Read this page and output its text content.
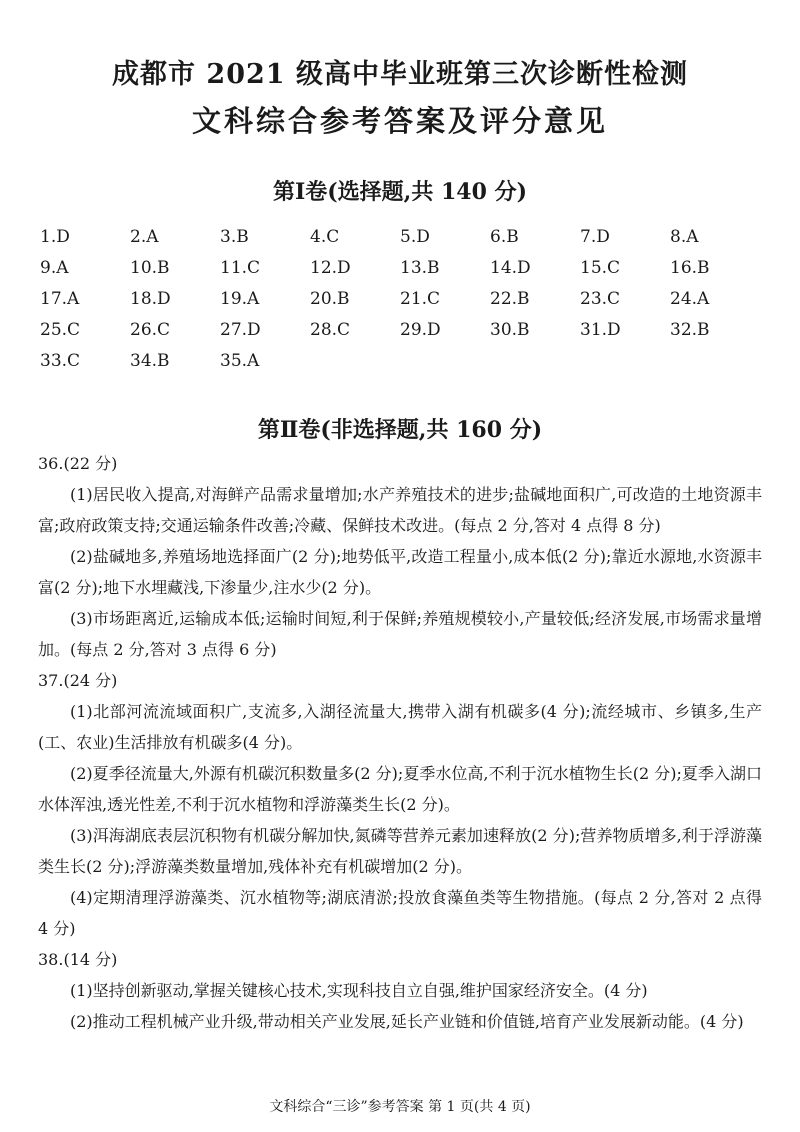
成都市 2021 级高中毕业班第三次诊断性检测
文科综合参考答案及评分意见
第Ⅰ卷(选择题,共 140 分)
1.D	2.A	3.B	4.C	5.D	6.B	7.D	8.A
9.A	10.B	11.C	12.D	13.B	14.D	15.C	16.B
17.A	18.D	19.A	20.B	21.C	22.B	23.C	24.A
25.C	26.C	27.D	28.C	29.D	30.B	31.D	32.B
33.C	34.B	35.A
第Ⅱ卷(非选择题,共 160 分)
36.(22 分)
(1)居民收入提高,对海鲜产品需求量增加;水产养殖技术的进步;盐碱地面积广,可改造的土地资源丰富;政府政策支持;交通运输条件改善;冷藏、保鲜技术改进。(每点 2 分,答对 4 点得 8 分)
(2)盐碱地多,养殖场地选择面广(2 分);地势低平,改造工程量小,成本低(2 分);靠近水源地,水资源丰富(2 分);地下水埋藏浅,下渗量少,注水少(2 分)。
(3)市场距离近,运输成本低;运输时间短,利于保鲜;养殖规模较小,产量较低;经济发展,市场需求量增加。(每点 2 分,答对 3 点得 6 分)
37.(24 分)
(1)北部河流流域面积广,支流多,入湖径流量大,携带入湖有机碳多(4 分);流经城市、乡镇多,生产(工、农业)生活排放有机碳多(4 分)。
(2)夏季径流量大,外源有机碳沉积数量多(2 分);夏季水位高,不利于沉水植物生长(2 分);夏季入湖口水体浑浊,透光性差,不利于沉水植物和浮游藻类生长(2 分)。
(3)洱海湖底表层沉积物有机碳分解加快,氮磷等营养元素加速释放(2 分);营养物质增多,利于浮游藻类生长(2 分);浮游藻类数量增加,残体补充有机碳增加(2 分)。
(4)定期清理浮游藻类、沉水植物等;湖底清淤;投放食藻鱼类等生物措施。(每点 2 分,答对 2 点得 4 分)
38.(14 分)
(1)坚持创新驱动,掌握关键核心技术,实现科技自立自强,维护国家经济安全。(4 分)
(2)推动工程机械产业升级,带动相关产业发展,延长产业链和价值链,培育产业发展新动能。(4 分)
文科综合“三诊”参考答案 第 1 页(共 4 页)
